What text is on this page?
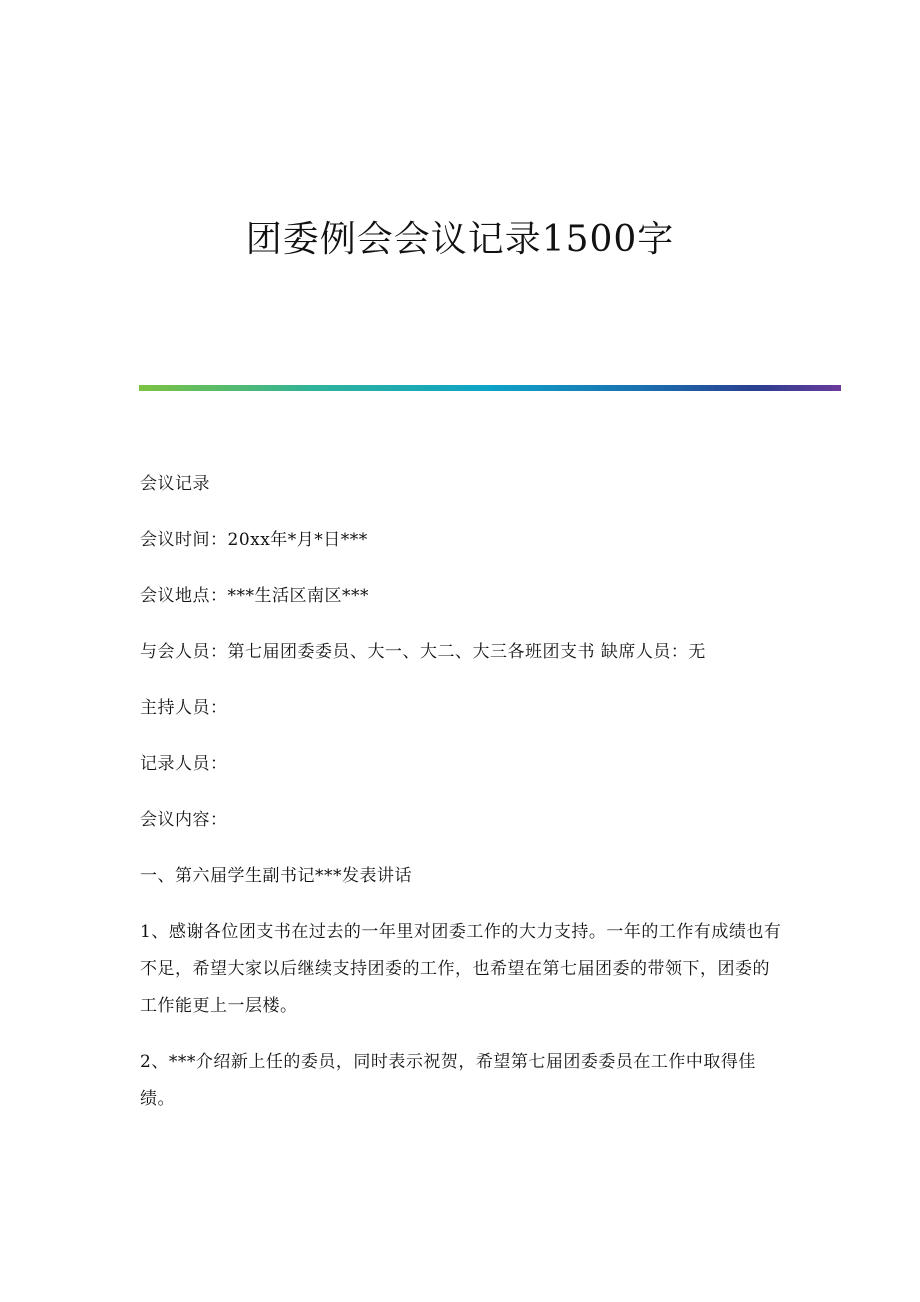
团委例会会议记录1500字

会议记录

会议时间：20xx年*月*日***

会议地点：***生活区南区***

与会人员：第七届团委委员、大一、大二、大三各班团支书 缺席人员：无

主持人员：

记录人员：

会议内容：

一、第六届学生副书记***发表讲话

1、感谢各位团支书在过去的一年里对团委工作的大力支持。一年的工作有成绩也有不足，希望大家以后继续支持团委的工作，也希望在第七届团委的带领下，团委的工作能更上一层楼。

2、***介绍新上任的委员，同时表示祝贺，希望第七届团委委员在工作中取得佳绩。
